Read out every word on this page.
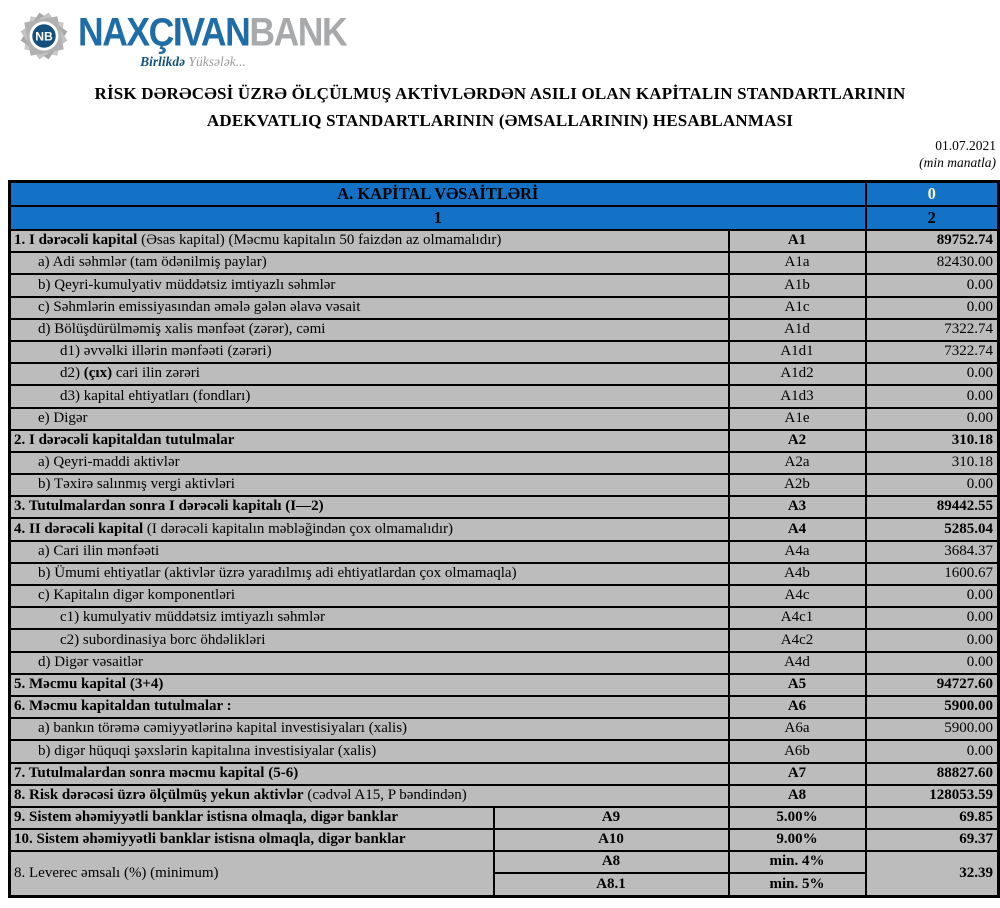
NB NAXÇIVANBANK
Birlikdə Yüksələk...
RİSK DƏRƏCƏSİ ÜZRƏ ÖLÇÜLMUŞ AKTİVLƏRDƏN ASILI OLAN KAPİTALIN STANDARTLARININ
ADEKVATLIQ STANDARTLARININ (ƏMSALLARININ) HESABLANMASI
01.07.2021
(min manatla)
A. KAPİTAL VƏSAİTLƏRİ			0
1			2
1. I dərəcəli kapital (Əsas kapital) (Məcmu kapitalın 50 faizdən az olmamalıdır)		A1	89752.74
a) Adi səhmlər (tam ödənilmiş paylar)		A1a	82430.00
b) Qeyri-kumulyativ müddətsiz imtiyazlı səhmlər		A1b	0.00
c) Səhmlərin emissiyasından əmələ gələn əlavə vəsait		A1c	0.00
d) Bölüşdürülməmiş xalis mənfəət (zərər), cəmi		A1d	7322.74
d1) əvvəlki illərin mənfəəti (zərəri)		A1d1	7322.74
d2) (çıx) cari ilin zərəri		A1d2	0.00
d3) kapital ehtiyatları (fondları)		A1d3	0.00
e) Digər		A1e	0.00
2. I dərəcəli kapitaldan tutulmalar		A2	310.18
a) Qeyri-maddi aktivlər		A2a	310.18
b) Təxirə salınmış vergi aktivləri		A2b	0.00
3. Tutulmalardan sonra I dərəcəli kapitalı (I—2)		A3	89442.55
4. II dərəcəli kapital (I dərəcəli kapitalın məbləğindən çox olmamalıdır)		A4	5285.04
a) Cari ilin mənfəəti		A4a	3684.37
b) Ümumi ehtiyatlar (aktivlər üzrə yaradılmış adi ehtiyatlardan çox olmamaqla)		A4b	1600.67
c) Kapitalın digər komponentləri		A4c	0.00
c1) kumulyativ müddətsiz imtiyazlı səhmlər		A4c1	0.00
c2) subordinasiya borc öhdəlikləri		A4c2	0.00
d) Digər vəsaitlər		A4d	0.00
5. Məcmu kapital (3+4)		A5	94727.60
6. Məcmu kapitaldan tutulmalar :		A6	5900.00
a) bankın törəmə cəmiyyətlərinə kapital investisiyaları (xalis)		A6a	5900.00
b) digər hüquqi şəxslərin kapitalına investisiyalar (xalis)		A6b	0.00
7. Tutulmalardan sonra məcmu kapital (5-6)		A7	88827.60
8. Risk dərəcəsi üzrə ölçülmüş yekun aktivlər (cədvəl A15, P bəndindən)		A8	128053.59
9. Sistem əhəmiyyətli banklar istisna olmaqla, digər banklar	A9	5.00%	69.85
10. Sistem əhəmiyyətli banklar istisna olmaqla, digər banklar	A10	9.00%	69.37
8. Leverec əmsalı (%) (minimum)	A8	min. 4%	32.39
	A8.1	min. 5%	
